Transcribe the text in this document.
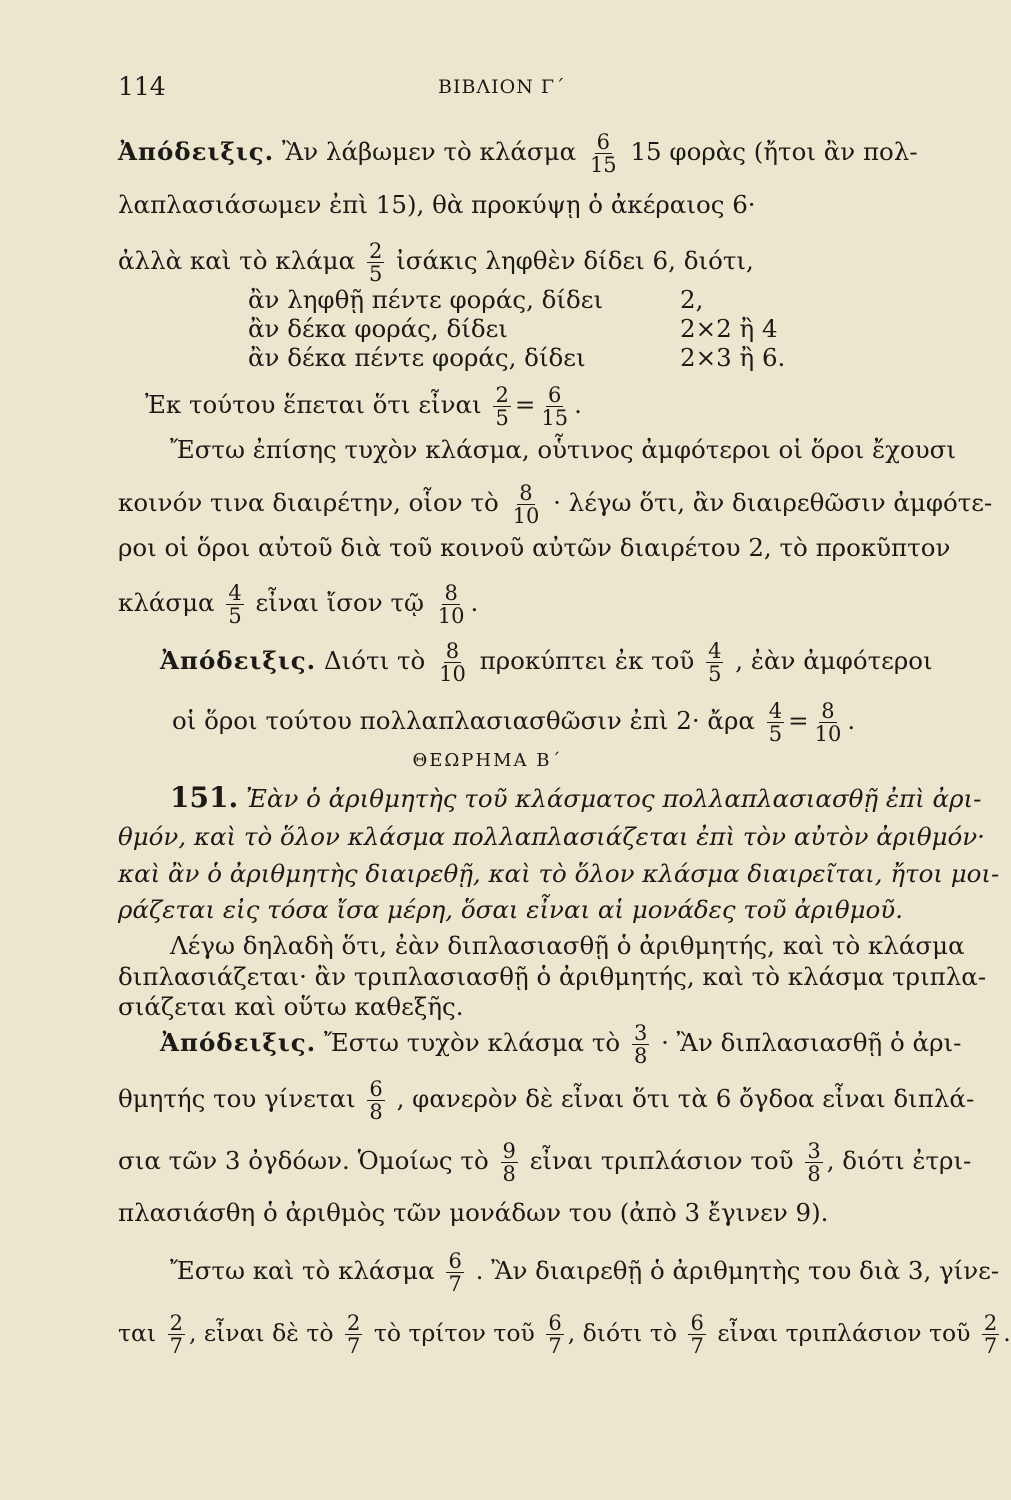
114	ΒΙΒΛΙΟΝ Γ΄
Ἀπόδειξις. Ἂν λάβωμεν τὸ κλάσμα $\frac{6}{15} 15$ φορὰς (ἤτοι ἂν πολ-
λαπλασιάσωμεν ἐπὶ 15), θὰ προκύψῃ ὁ ἀκέραιος 6·
ἀλλὰ καὶ τὸ κλάμα $\frac{2}{5}$ ἰσάκις ληφθὲν δίδει 6, διότι,
ἂν ληφθῇ πέντε φοράς, δίδει	2,
ἂν δέκα φοράς, δίδει	2×2 ἢ 4
ἂν δέκα πέντε φοράς, δίδει	2×3 ἢ 6.
Ἐκ τούτου ἕπεται ὅτι εἶναι $\frac{2}{5} = \frac{6}{15}$ .
Ἔστω ἐπίσης τυχὸν κλάσμα, οὗτινος ἀμφότεροι οἱ ὅροι ἔχουσι
κοινόν τινα διαιρέτην, οἷον τὸ $\frac{8}{10} \cdot \lambda έ\gamma\omega$ ὅτι, ἂν διαιρεθῶσιν ἀμφότε-
ροι οἱ ὅροι αὐτοῦ διὰ τοῦ κοινοῦ αὐτῶν διαιρέτου 2, τὸ προκῦπτον
κλάσμα $\frac{4}{5}$ εἶναι ἴσον τῷ $\frac{8}{10}$ .
Ἀπόδειξις. Διότι τὸ $\frac{8}{10}$ προκύπτει ἐκ τοῦ $\frac{4}{5}$ , ἐὰν ἀμφότεροι
οἱ ὅροι τούτου πολλαπλασιασθῶσιν ἐπὶ 2· ἄρα $\frac{4}{5} = \frac{8}{10}$ .
ΘΕΩΡΗΜΑ Β΄
151. Ἐὰν ὁ ἀριθμητὴς τοῦ κλάσματος πολλαπλασιασθῇ ἐπὶ ἀρι-
θμόν, καὶ τὸ ὅλον κλάσμα πολλαπλασιάζεται ἐπὶ τὸν αὐτὸν ἀριθμόν·
καὶ ἂν ὁ ἀριθμητὴς διαιρεθῇ, καὶ τὸ ὅλον κλάσμα διαιρεῖται, ἤτοι μοι-
ράζεται εἰς τόσα ἴσα μέρη, ὅσαι εἶναι αἱ μονάδες τοῦ ἀριθμοῦ.
Λέγω δηλαδὴ ὅτι, ἐὰν διπλασιασθῇ ὁ ἀριθμητής, καὶ τὸ κλάσμα
διπλασιάζεται· ἂν τριπλασιασθῇ ὁ ἀριθμητής, καὶ τὸ κλάσμα τριπλα-
σιάζεται καὶ οὕτω καθεξῆς.
Ἀπόδειξις. Ἔστω τυχὸν κλάσμα τὸ $\frac{3}{8}$ · Ἂν διπλασιασθῇ ὁ ἀρι-
θμητής του γίνεται $\frac{6}{8}$ , φανερὸν δὲ εἶναι ὅτι τὰ 6 ὄγδοα εἶναι διπλά-
σια τῶν 3 ὀγδόων. Ὁμοίως τὸ $\frac{9}{8}$ εἶναι τριπλάσιον τοῦ $\frac{3}{8}$ , διότι ἐτρι-
πλασιάσθη ὁ ἀριθμὸς τῶν μονάδων του (ἀπὸ 3 ἔγινεν 9).
Ἔστω καὶ τὸ κλάσμα $\frac{6}{7}$ . Ἂν διαιρεθῇ ὁ ἀριθμητὴς του διὰ 3, γίνε-
ται $\frac{2}{7}$ , εἶναι δὲ τὸ $\frac{2}{7}$ τὸ τρίτον τοῦ $\frac{6}{7}$ , διότι τὸ $\frac{6}{7}$ εἶναι τριπλάσιον τοῦ $\frac{2}{7}$ .
